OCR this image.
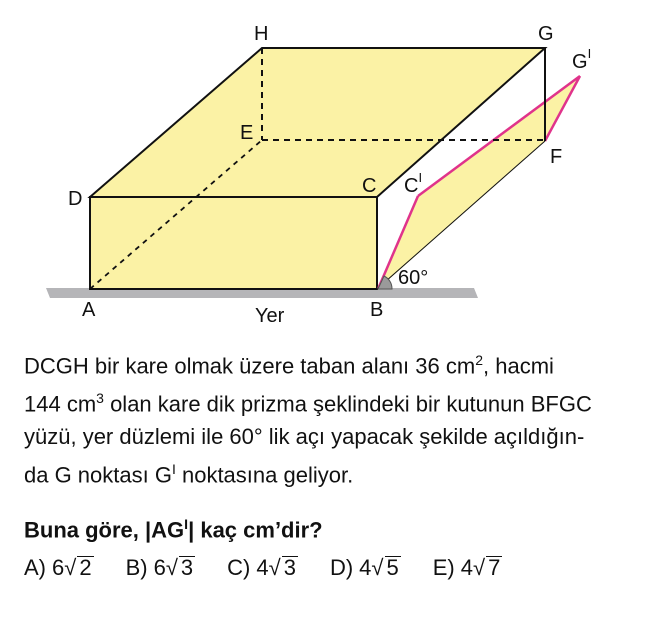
H	G
$G^I$
E
F
D
C $C^I$
A	B
60°
Yer
DCGH bir kare olmak üzere taban alanı 36 $cm^2$, hacmi
144 $cm^3$ olan kare dik prizma şeklindeki bir kutunun BFGC
yüzü, yer düzlemi ile 60° lik açı yapacak şekilde açıldığın-
da G noktası $G^I$ noktasına geliyor.
Buna göre, $|AG^I|$ kaç cm’dir?
A) 6 √ 2 B) 6 √ 3 C) 4 √ 3 D) 4 √ 5 E) 4 √ 7
